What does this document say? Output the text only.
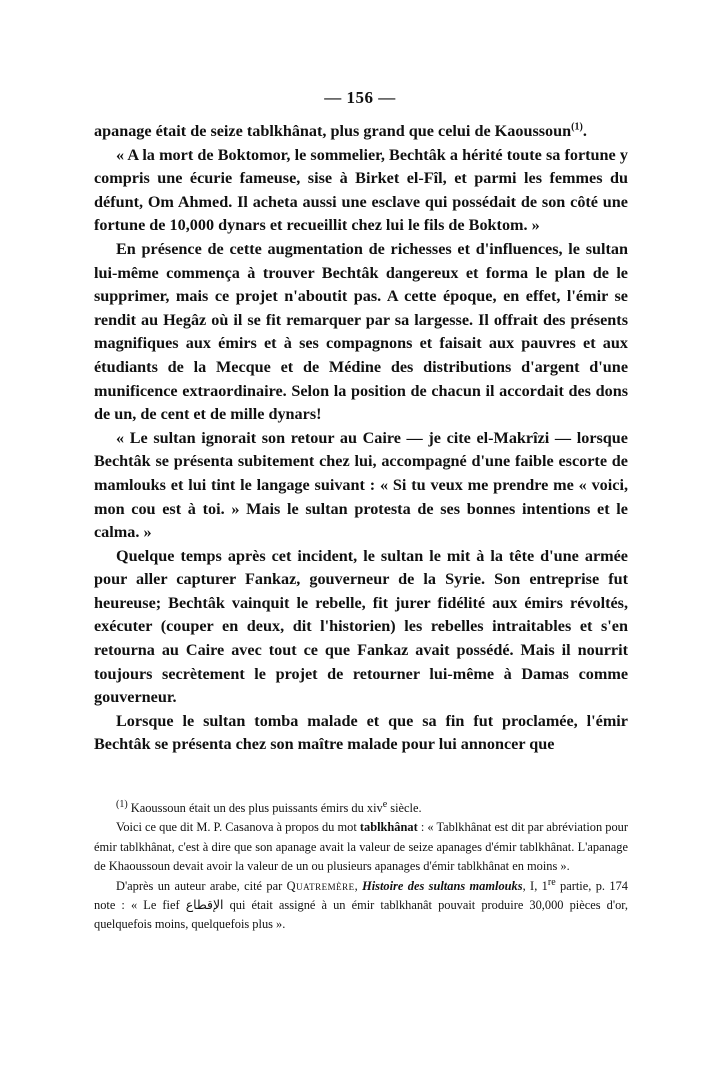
— 156 —

apanage était de seize tablkhânat, plus grand que celui de Kaoussoun$^{(1)}$.

« A la mort de Boktomor, le sommelier, Bechtâk a hérité toute sa fortune y compris une écurie fameuse, sise à Birket el-Fîl, et parmi les femmes du défunt, Om Ahmed. Il acheta aussi une esclave qui possédait de son côté une fortune de 10,000 dynars et recueillit chez lui le fils de Boktom. »

En présence de cette augmentation de richesses et d'influences, le sultan lui-même commença à trouver Bechtâk dangereux et forma le plan de le supprimer, mais ce projet n'aboutit pas. A cette époque, en effet, l'émir se rendit au Hegâz où il se fit remarquer par sa largesse. Il offrait des présents magnifiques aux émirs et à ses compagnons et faisait aux pauvres et aux étudiants de la Mecque et de Médine des distributions d'argent d'une munificence extraordinaire. Selon la position de chacun il accordait des dons de un, de cent et de mille dynars!

« Le sultan ignorait son retour au Caire — je cite el-Makrîzi — lorsque Bechtâk se présenta subitement chez lui, accompagné d'une faible escorte de mamlouks et lui tint le langage suivant : « Si tu veux me prendre me « voici, mon cou est à toi. » Mais le sultan protesta de ses bonnes intentions et le calma. »

Quelque temps après cet incident, le sultan le mit à la tête d'une armée pour aller capturer Fankaz, gouverneur de la Syrie. Son entreprise fut heureuse; Bechtâk vainquit le rebelle, fit jurer fidélité aux émirs révoltés, exécuter (couper en deux, dit l'historien) les rebelles intraitables et s'en retourna au Caire avec tout ce que Fankaz avait possédé. Mais il nourrit toujours secrètement le projet de retourner lui-même à Damas comme gouverneur.

Lorsque le sultan tomba malade et que sa fin fut proclamée, l'émir Bechtâk se présenta chez son maître malade pour lui annoncer que

$^{(1)}$ Kaoussoun était un des plus puissants émirs du xiv$^e$ siècle.

Voici ce que dit M. P. Casanova à propos du mot tablkhânat : « Tablkhânat est dit par abréviation pour émir tablkhânat, c'est à dire que son apanage avait la valeur de seize apanages d'émir tablkhânat. L'apanage de Khaoussoun devait avoir la valeur de un ou plusieurs apanages d'émir tablkhânat en moins ».

D'après un auteur arabe, cité par Quatremère, Histoire des sultans mamlouks, I, 1re partie, p. 174 note : « Le fief الإقطاع qui était assigné à un émir tablkhanât pouvait produire 30,000 pièces d'or, quelquefois moins, quelquefois plus ».
